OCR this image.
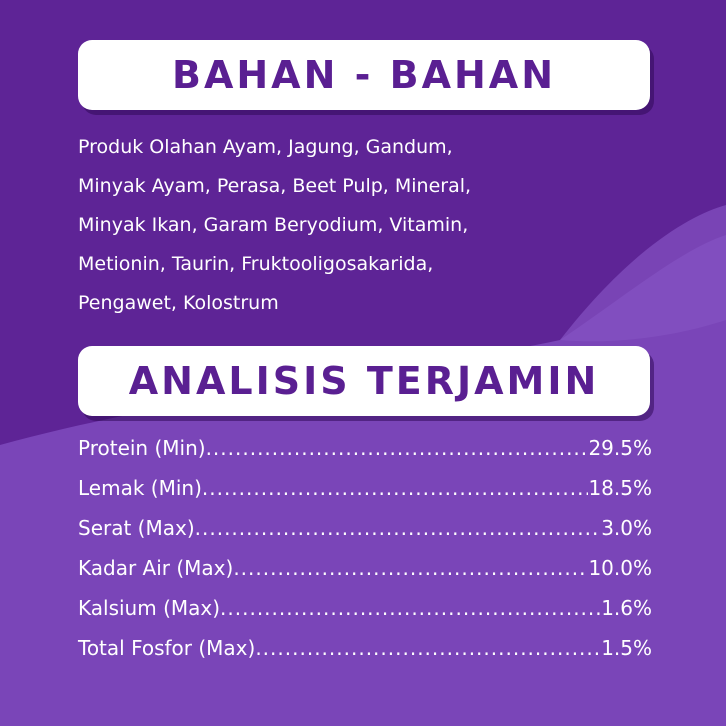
BAHAN - BAHAN
Produk Olahan Ayam, Jagung, Gandum,
Minyak Ayam, Perasa, Beet Pulp, Mineral,
Minyak Ikan, Garam Beryodium, Vitamin,
Metionin, Taurin, Fruktooligosakarida,
Pengawet, Kolostrum
ANALISIS TERJAMIN
Protein (Min) .....	29.5%
Lemak (Min) .....	18.5%
Serat (Max) .....	3.0%
Kadar Air (Max) .....	10.0%
Kalsium (Max) .....	1.6%
Total Fosfor (Max) .....	1.5%
